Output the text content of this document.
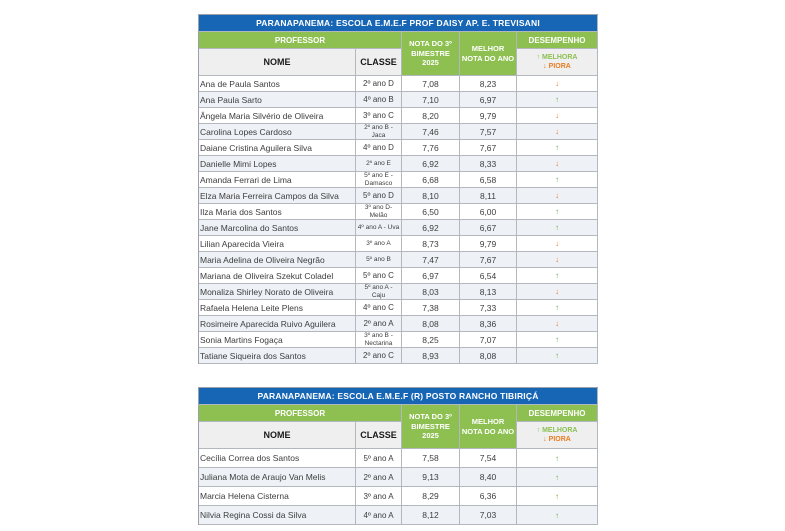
PARANAPANEMA: ESCOLA E.M.E.F PROF DAISY AP. E. TREVISANI				
PROFESSOR		NOTA DO 3º BIMESTRE 2025	MELHOR NOTA DO ANO	DESEMPENHO
NOME	CLASSE			↑ MELHORA
↓ PIORA

Ana de Paula Santos	2º ano D	7,08	8,23	↓
Ana Paula Sarto	4º ano B	7,10	6,97	↑
Ângela Maria Silvério de Oliveira	3º ano C	8,20	9,79	↓
Carolina Lopes Cardoso	2º ano B - Jaca	7,46	7,57	↓
Daiane Cristina Aguilera Silva	4º ano D	7,76	7,67	↑
Danielle Mimi Lopes	2º ano E	6,92	8,33	↓
Amanda Ferrari de Lima	5º ano E - Damasco	6,68	6,58	↑
Elza Maria Ferreira Campos da Silva	5º ano D	8,10	8,11	↓
Ilza Maria dos Santos	3º ano D- Melão	6,50	6,00	↑
Jane Marcolina do Santos	4º ano A - Uva	6,92	6,67	↑
Lilian Aparecida Vieira	3º ano A	8,73	9,79	↓
Maria Adelina de Oliveira Negrão	5º ano B	7,47	7,67	↓
Mariana de Oliveira Szekut Coladel	5º ano C	6,97	6,54	↑
Monaliza Shirley Norato de Oliveira	5º ano A - Caju	8,03	8,13	↓
Rafaela Helena Leite Plens	4º ano C	7,38	7,33	↑
Rosimeire Aparecida Ruivo Aguilera	2º ano A	8,08	8,36	↓
Sonia Martins Fogaça	3º ano B - Nectarina	8,25	7,07	↑
Tatiane Siqueira dos Santos	2º ano C	8,93	8,08	↑
PARANAPANEMA: ESCOLA E.M.E.F (R) POSTO RANCHO TIBIRIÇÁ				
PROFESSOR		NOTA DO 3º BIMESTRE 2025	MELHOR NOTA DO ANO	DESEMPENHO
NOME	CLASSE			↑ MELHORA
↓ PIORA

Cecília Correa dos Santos	5º ano A	7,58	7,54	↑
Juliana Mota de Araujo Van Melis	2º ano A	9,13	8,40	↑
Marcia Helena Cisterna	3º ano A	8,29	6,36	↑
Nilvia Regina Cossi da Silva	4º ano A	8,12	7,03	↑
